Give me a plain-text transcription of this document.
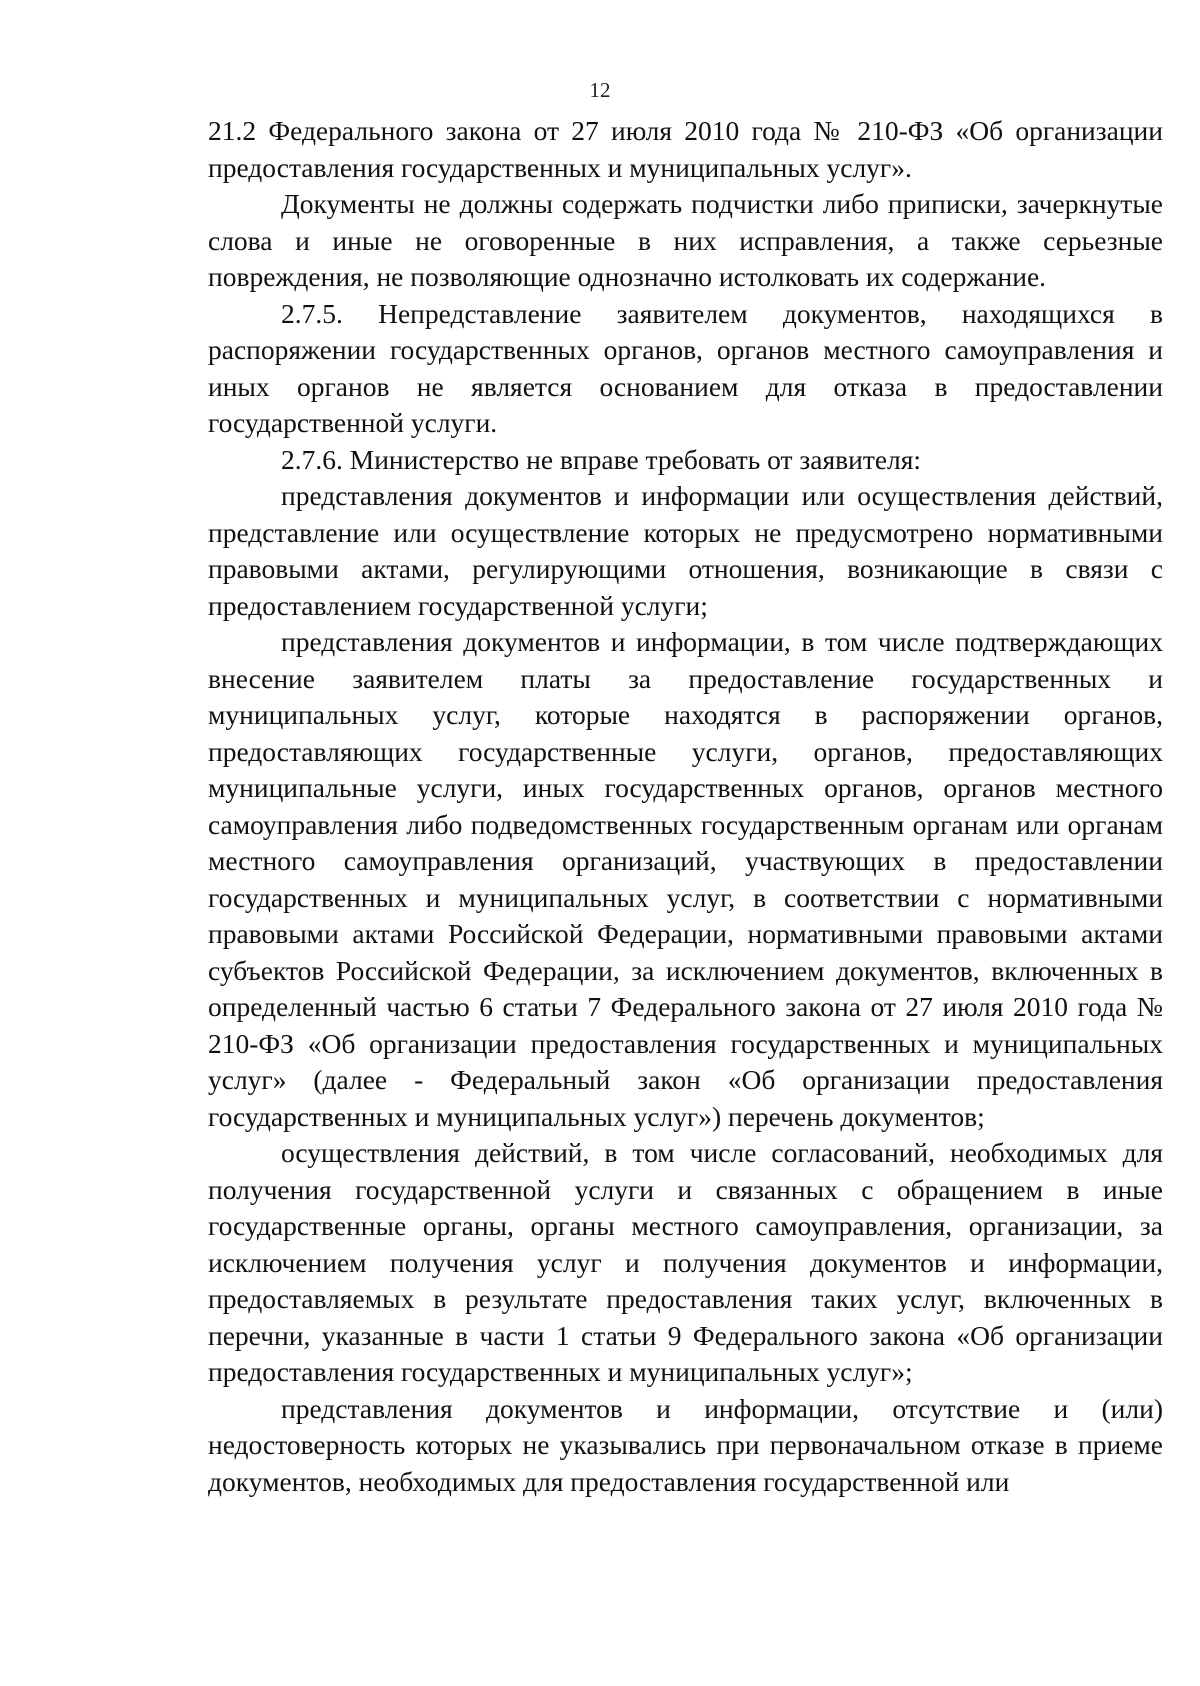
12

21.2 Федерального закона от 27 июля 2010 года № 210-ФЗ «Об организации предоставления государственных и муниципальных услуг».

Документы не должны содержать подчистки либо приписки, зачеркнутые слова и иные не оговоренные в них исправления, а также серьезные повреждения, не позволяющие однозначно истолковать их содержание.

2.7.5. Непредставление заявителем документов, находящихся в распоряжении государственных органов, органов местного самоуправления и иных органов не является основанием для отказа в предоставлении государственной услуги.

2.7.6. Министерство не вправе требовать от заявителя:

представления документов и информации или осуществления действий, представление или осуществление которых не предусмотрено нормативными правовыми актами, регулирующими отношения, возникающие в связи с предоставлением государственной услуги;

представления документов и информации, в том числе подтверждающих внесение заявителем платы за предоставление государственных и муниципальных услуг, которые находятся в распоряжении органов, предоставляющих государственные услуги, органов, предоставляющих муниципальные услуги, иных государственных органов, органов местного самоуправления либо подведомственных государственным органам или органам местного самоуправления организаций, участвующих в предоставлении государственных и муниципальных услуг, в соответствии с нормативными правовыми актами Российской Федерации, нормативными правовыми актами субъектов Российской Федерации, за исключением документов, включенных в определенный частью 6 статьи 7 Федерального закона от 27 июля 2010 года № 210-ФЗ «Об организации предоставления государственных и муниципальных услуг» (далее - Федеральный закон «Об организации предоставления государственных и муниципальных услуг») перечень документов;

осуществления действий, в том числе согласований, необходимых для получения государственной услуги и связанных с обращением в иные государственные органы, органы местного самоуправления, организации, за исключением получения услуг и получения документов и информации, предоставляемых в результате предоставления таких услуг, включенных в перечни, указанные в части 1 статьи 9 Федерального закона «Об организации предоставления государственных и муниципальных услуг»;

представления документов и информации, отсутствие и (или) недостоверность которых не указывались при первоначальном отказе в приеме документов, необходимых для предоставления государственной или
